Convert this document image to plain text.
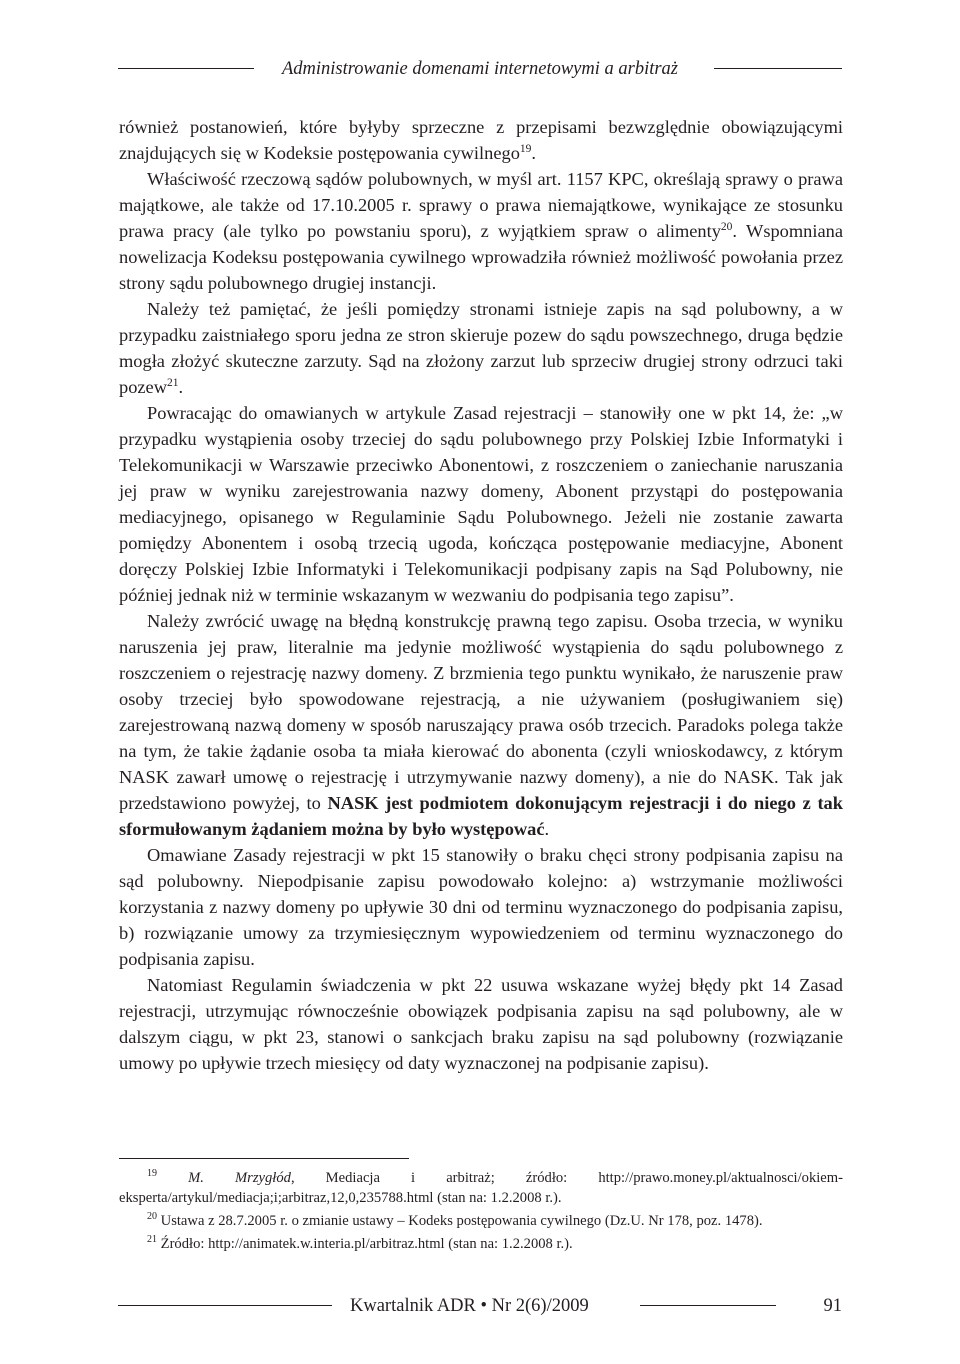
Administrowanie domenami internetowymi a arbitraż

również postanowień, które byłyby sprzeczne z przepisami bezwzględnie obowiązującymi znajdujących się w Kodeksie postępowania cywilnego$^{19}$.

Właściwość rzeczową sądów polubownych, w myśl art. 1157 KPC, określają sprawy o prawa majątkowe, ale także od 17.10.2005 r. sprawy o prawa niemajątkowe, wynikające ze stosunku prawa pracy (ale tylko po powstaniu sporu), z wyjątkiem spraw o alimenty$^{20}$. Wspomniana nowelizacja Kodeksu postępowania cywilnego wprowadziła również możliwość powołania przez strony sądu polubownego drugiej instancji.

Należy też pamiętać, że jeśli pomiędzy stronami istnieje zapis na sąd polubowny, a w przypadku zaistniałego sporu jedna ze stron skieruje pozew do sądu powszechnego, druga będzie mogła złożyć skuteczne zarzuty. Sąd na złożony zarzut lub sprzeciw drugiej strony odrzuci taki pozew$^{21}$.

Powracając do omawianych w artykule Zasad rejestracji – stanowiły one w pkt 14, że: „w przypadku wystąpienia osoby trzeciej do sądu polubownego przy Polskiej Izbie Informatyki i Telekomunikacji w Warszawie przeciwko Abonentowi, z roszczeniem o zaniechanie naruszania jej praw w wyniku zarejestrowania nazwy domeny, Abonent przystąpi do postępowania mediacyjnego, opisanego w Regulaminie Sądu Polubownego. Jeżeli nie zostanie zawarta pomiędzy Abonentem i osobą trzecią ugoda, kończąca postępowanie mediacyjne, Abonent doręczy Polskiej Izbie Informatyki i Telekomunikacji podpisany zapis na Sąd Polubowny, nie później jednak niż w terminie wskazanym w wezwaniu do podpisania tego zapisu”.

Należy zwrócić uwagę na błędną konstrukcję prawną tego zapisu. Osoba trzecia, w wyniku naruszenia jej praw, literalnie ma jedynie możliwość wystąpienia do sądu polubownego z roszczeniem o rejestrację nazwy domeny. Z brzmienia tego punktu wynikało, że naruszenie praw osoby trzeciej było spowodowane rejestracją, a nie używaniem (posługiwaniem się) zarejestrowaną nazwą domeny w sposób naruszający prawa osób trzecich. Paradoks polega także na tym, że takie żądanie osoba ta miała kierować do abonenta (czyli wnioskodawcy, z którym NASK zawarł umowę o rejestrację i utrzymywanie nazwy domeny), a nie do NASK. Tak jak przedstawiono powyżej, to NASK jest podmiotem dokonującym rejestracji i do niego z tak sformułowanym żądaniem można by było występować.

Omawiane Zasady rejestracji w pkt 15 stanowiły o braku chęci strony podpisania zapisu na sąd polubowny. Niepodpisanie zapisu powodowało kolejno: a) wstrzymanie możliwości korzystania z nazwy domeny po upływie 30 dni od terminu wyznaczonego do podpisania zapisu, b) rozwiązanie umowy za trzymiesięcznym wypowiedzeniem od terminu wyznaczonego do podpisania zapisu.

Natomiast Regulamin świadczenia w pkt 22 usuwa wskazane wyżej błędy pkt 14 Zasad rejestracji, utrzymując równocześnie obowiązek podpisania zapisu na sąd polubowny, ale w dalszym ciągu, w pkt 23, stanowi o sankcjach braku zapisu na sąd polubowny (rozwiązanie umowy po upływie trzech miesięcy od daty wyznaczonej na podpisanie zapisu).

$^{19}$ M. Mrzygłód, Mediacja i arbitraż; źródło: http://prawo.money.pl/aktualnosci/okiem-eksperta/artykul/mediacja;i;arbitraz,12,0,235788.html (stan na: 1.2.2008 r.).

$^{20}$ Ustawa z 28.7.2005 r. o zmianie ustawy – Kodeks postępowania cywilnego (Dz.U. Nr 178, poz. 1478).

$^{21}$ Źródło: http://animatek.w.interia.pl/arbitraz.html (stan na: 1.2.2008 r.).

Kwartalnik ADR • Nr 2(6)/2009	91
